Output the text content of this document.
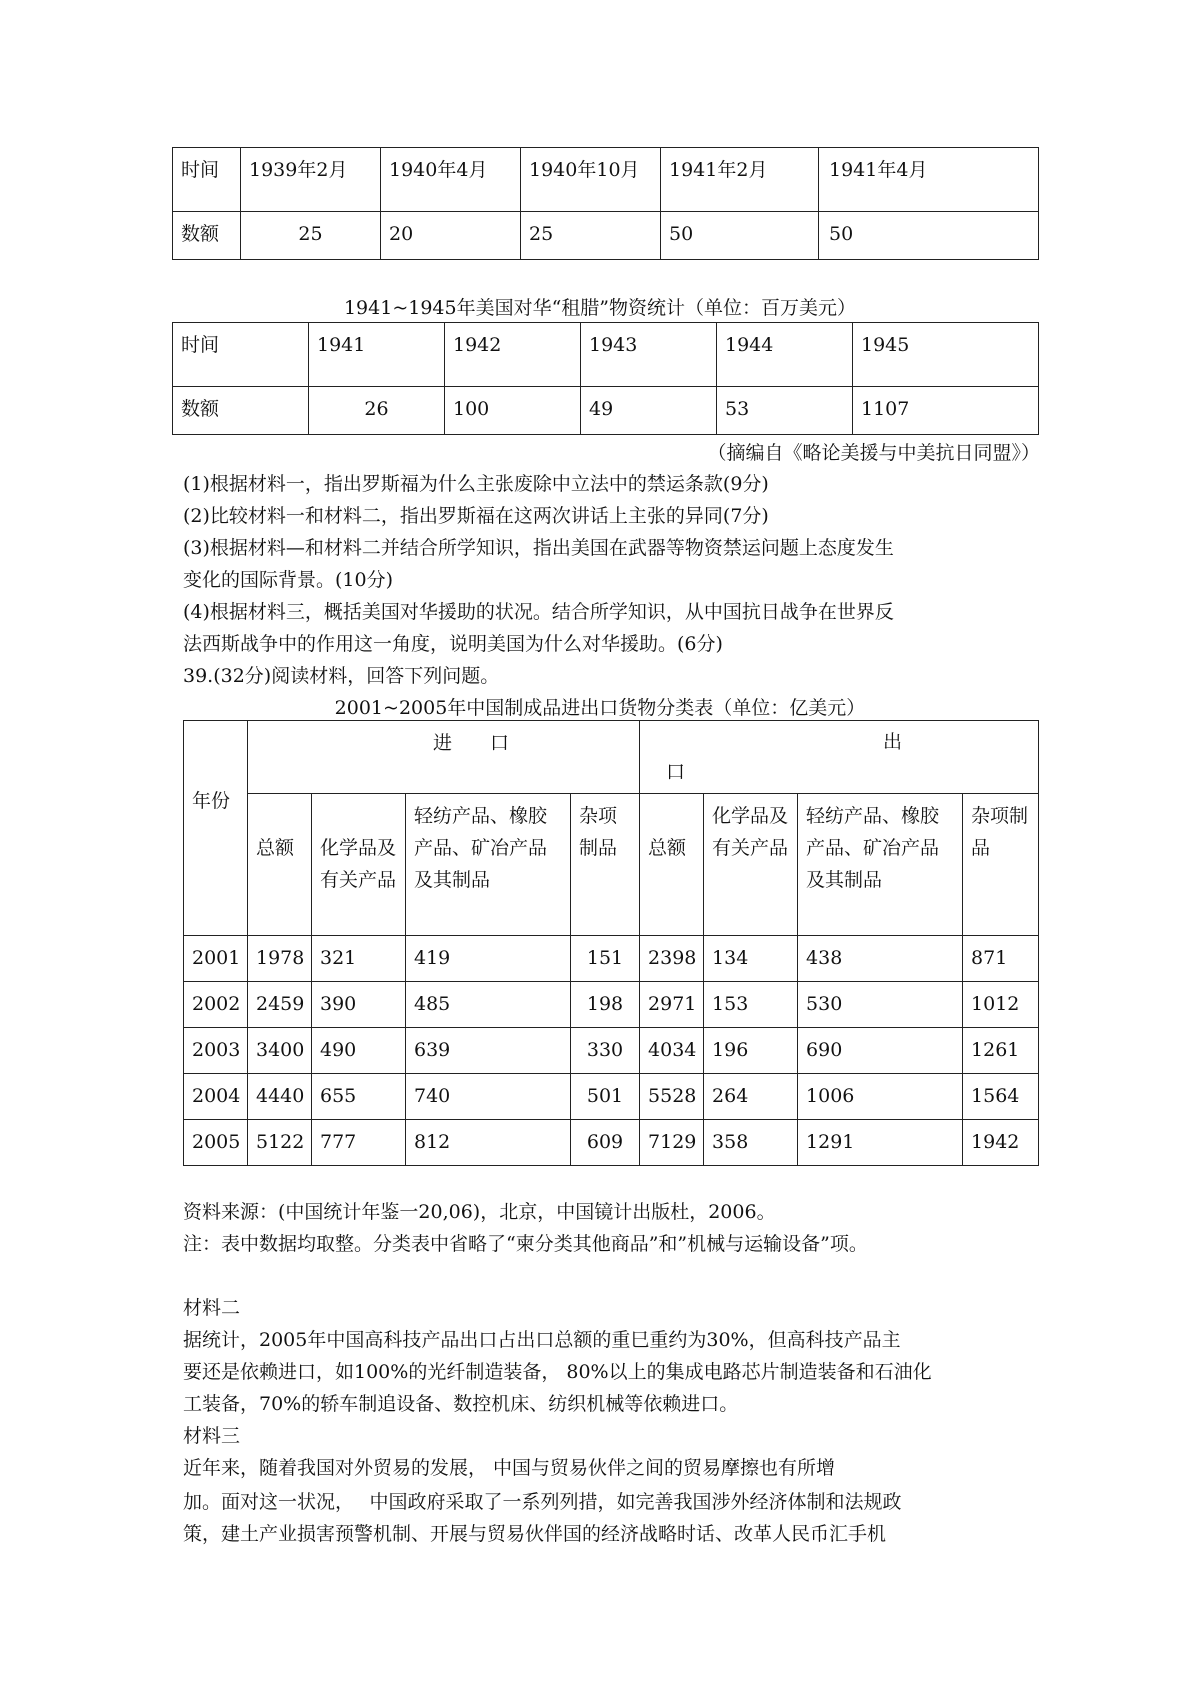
时间	1939年2月	1940年4月	1940年10月	1941年2月	1941年4月
数额	25	20	25	50	50
1941~1945年美国对华“租腊”物资统计（单位：百万美元）
时间	1941	1942	1943	1944	1945
数额	26	100	49	53	1107
（摘编自《略论美援与中美抗日同盟》）
(1)根据材料一，指出罗斯福为什么主张废除中立法中的禁运条款(9分)
(2)比较材料一和材料二，指出罗斯福在这两次讲话上主张的异同(7分)
(3)根据材料—和材料二并结合所学知识，指出美国在武器等物资禁运问题上态度发生
变化的国际背景。(10分)
(4)根据材料三，概括美国对华援助的状况。结合所学知识，从中国抗日战争在世界反
法西斯战争中的作用这一角度，说明美国为什么对华援助。(6分)
39.(32分)阅读材料，回答下列问题。
2001~2005年中国制成品进出口货物分类表（单位：亿美元）
年份	进　　口				出
口			

	总额	化学品及有关产品	轻纺产品、橡胶产品、矿冶产品及其制品	杂项制品	总额	化学品及有关产品	轻纺产品、橡胶产品、矿冶产品及其制品	杂项制品
2001	1978	321	419	151	2398	134	438	871
2002	2459	390	485	198	2971	153	530	1012
2003	3400	490	639	330	4034	196	690	1261
2004	4440	655	740	501	5528	264	1006	1564
2005	5122	777	812	609	7129	358	1291	1942
资料来源：(中国统计年鉴一20,06)，北京，中国镜计出版杜，2006。
注：表中数据均取整。分类表中省略了“柬分类其他商品”和”机械与运输设备”项。
材料二
据统计，2005年中国高科技产品出口占出口总额的重巳重约为30%，但高科技产品主
要还是依赖进口，如100%的光纤制造装备， 80%以上的集成电路芯片制造装备和石油化
工装备，70%的轿车制追设备、数控机床、纺织机械等依赖进口。
材料三
近年来，随着我国对外贸易的发展， 中国与贸易伙伴之间的贸易摩擦也有所增
加。面对这一状况，　 中国政府采取了一系列列措，如完善我国涉外经济体制和法规政
策，建土产业损害预警机制、开展与贸易伙伴国的经济战略时话、改革人民币汇手机
